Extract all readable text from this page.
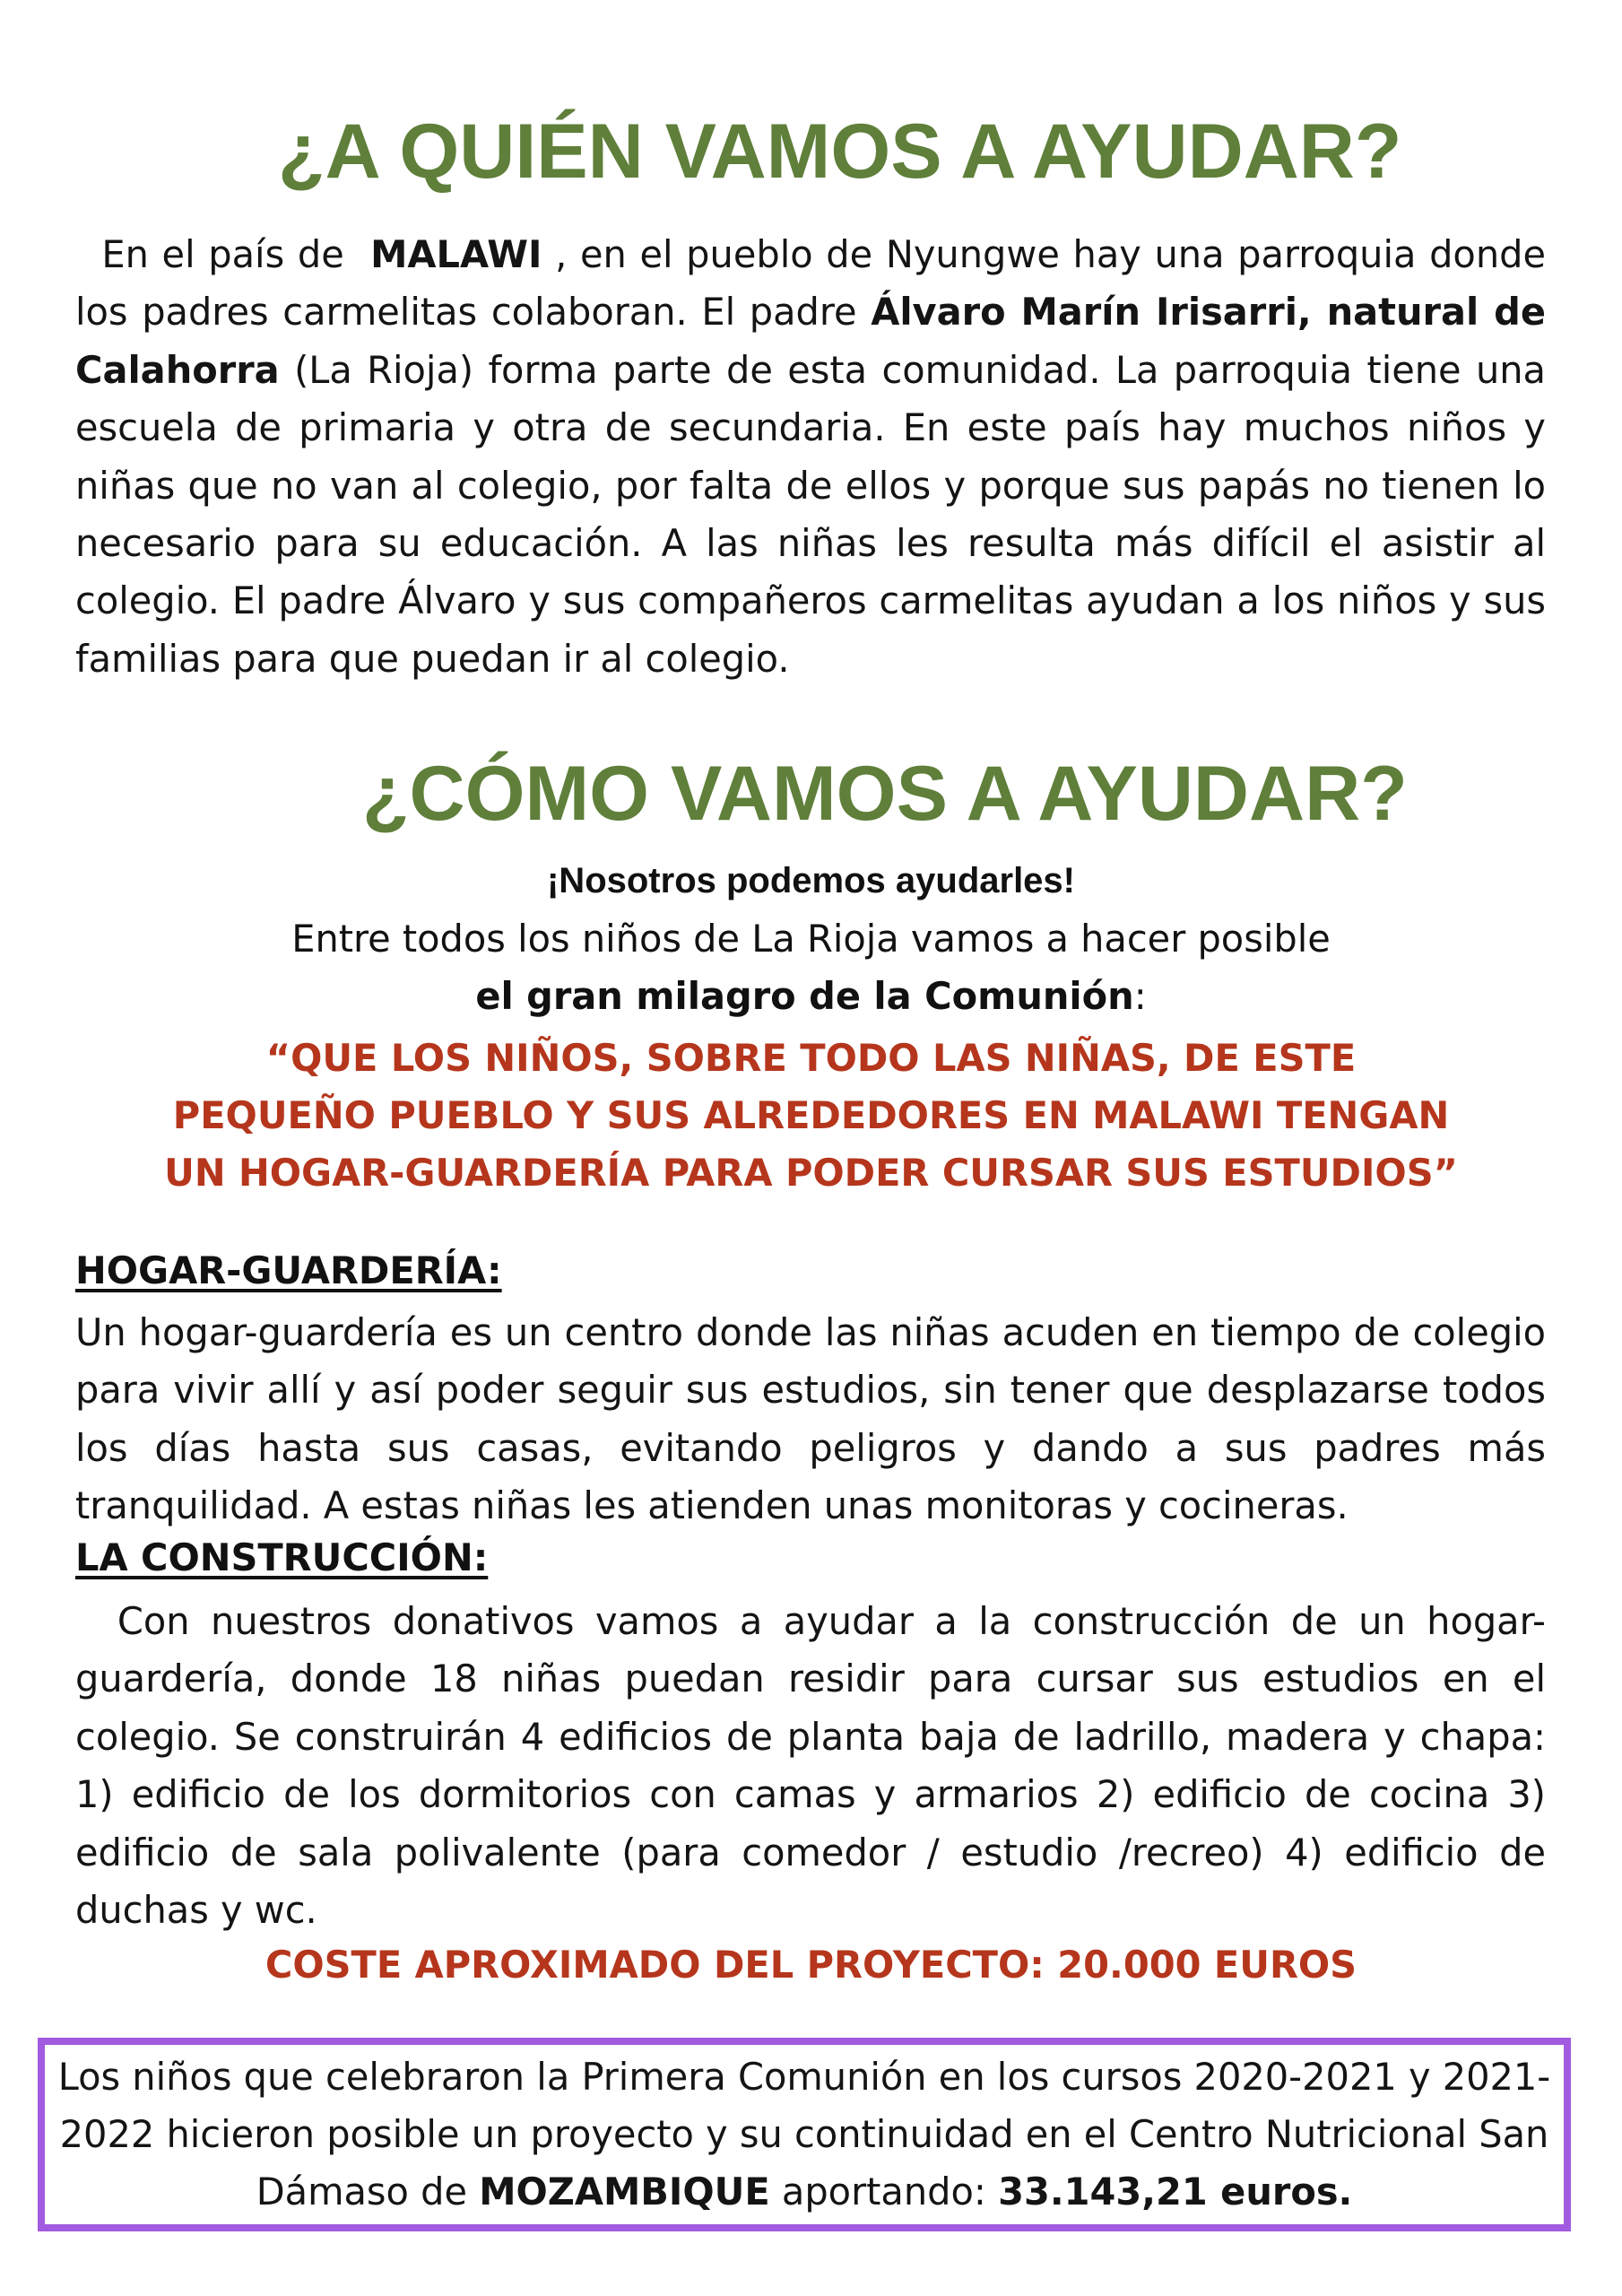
¿A QUIÉN VAMOS A AYUDAR?

En el país de MALAWI , en el pueblo de Nyungwe hay una parroquia donde los padres carmelitas colaboran. El padre Álvaro Marín Irisarri, natural de Calahorra (La Rioja) forma parte de esta comunidad. La parroquia tiene una escuela de primaria y otra de secundaria. En este país hay muchos niños y niñas que no van al colegio, por falta de ellos y porque sus papás no tienen lo necesario para su educación. A las niñas les resulta más difícil el asistir al colegio. El padre Álvaro y sus compañeros carmelitas ayudan a los niños y sus familias para que puedan ir al colegio.

¿CÓMO VAMOS A AYUDAR?

¡Nosotros podemos ayudarles!

Entre todos los niños de La Rioja vamos a hacer posible

el gran milagro de la Comunión:

“QUE LOS NIÑOS, SOBRE TODO LAS NIÑAS, DE ESTE
PEQUEÑO PUEBLO Y SUS ALREDEDORES EN MALAWI TENGAN
UN HOGAR-GUARDERÍA PARA PODER CURSAR SUS ESTUDIOS”

HOGAR-GUARDERÍA:

Un hogar-guardería es un centro donde las niñas acuden en tiempo de colegio para vivir allí y así poder seguir sus estudios, sin tener que desplazarse todos los días hasta sus casas, evitando peligros y dando a sus padres más tranquilidad. A estas niñas les atienden unas monitoras y cocineras.

LA CONSTRUCCIÓN:

Con nuestros donativos vamos a ayudar a la construcción de un hogar-guardería, donde 18 niñas puedan residir para cursar sus estudios en el colegio. Se construirán 4 edificios de planta baja de ladrillo, madera y chapa: 1) edificio de los dormitorios con camas y armarios 2) edificio de cocina 3) edificio de sala polivalente (para comedor / estudio /recreo) 4) edificio de duchas y wc.

COSTE APROXIMADO DEL PROYECTO: 20.000 EUROS

Los niños que celebraron la Primera Comunión en los cursos 2020-2021 y 2021-2022 hicieron posible un proyecto y su continuidad en el Centro Nutricional San Dámaso de MOZAMBIQUE aportando: 33.143,21 euros.
